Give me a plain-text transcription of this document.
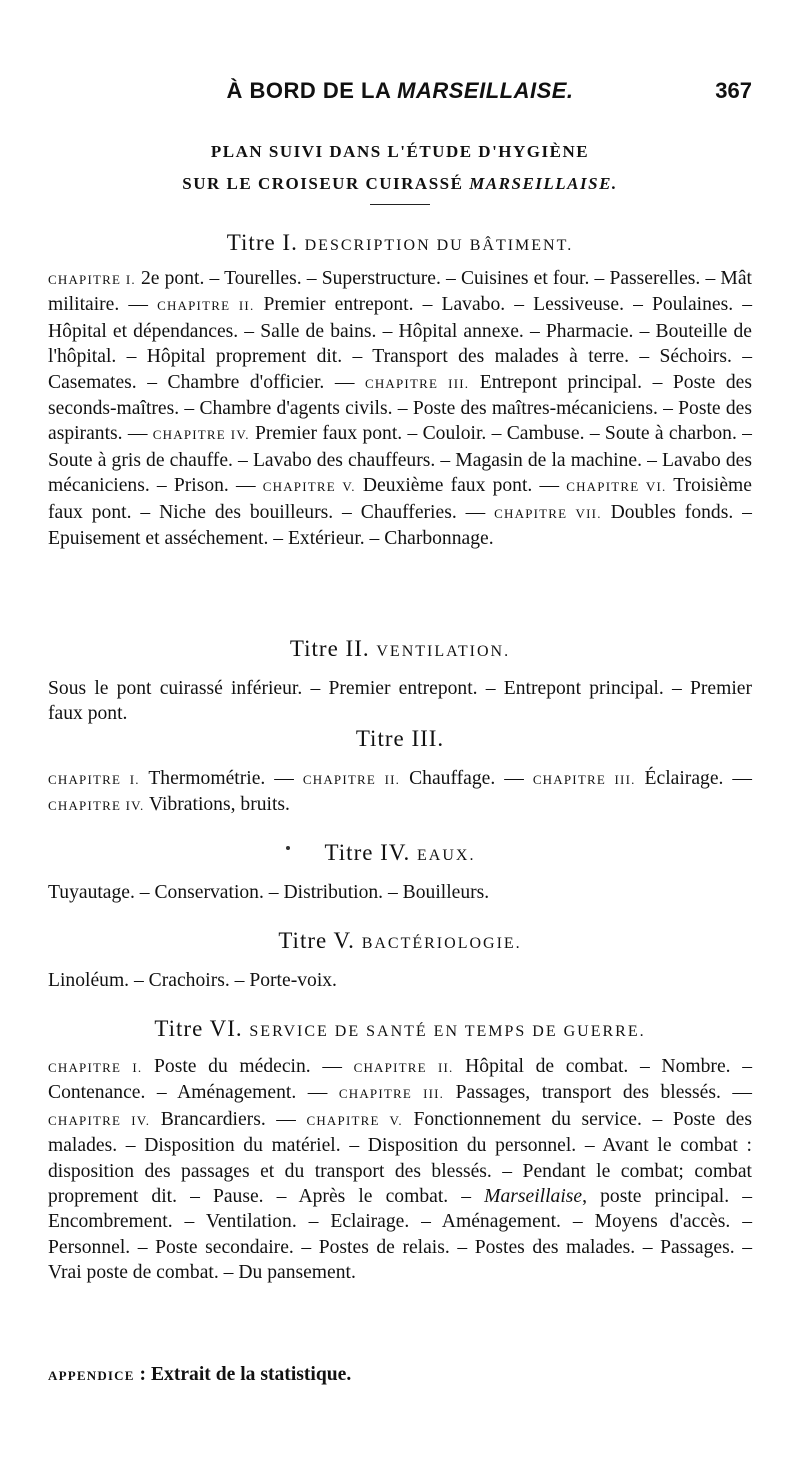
À BORD DE LA MARSEILLAISE.	367
PLAN SUIVI DANS L'ÉTUDE D'HYGIÈNE
SUR LE CROISEUR CUIRASSÉ MARSEILLAISE.
Titre I. DESCRIPTION DU BÂTIMENT.
CHAPITRE I. 2e pont. – Tourelles. – Superstructure. – Cuisines et four. – Passerelles. – Mât militaire. — CHAPITRE II. Premier entrepont. – Lavabo. – Lessiveuse. – Poulaines. – Hôpital et dépendances. – Salle de bains. – Hôpital annexe. – Pharmacie. – Bouteille de l'hôpital. – Hôpital proprement dit. – Transport des malades à terre. – Séchoirs. – Casemates. – Chambre d'officier. — CHAPITRE III. Entrepont principal. – Poste des seconds-maîtres. – Chambre d'agents civils. – Poste des maîtres-mécaniciens. – Poste des aspirants. — CHAPITRE IV. Premier faux pont. – Couloir. – Cambuse. – Soute à charbon. – Soute à gris de chauffe. – Lavabo des chauffeurs. – Magasin de la machine. – Lavabo des mécaniciens. – Prison. — CHAPITRE V. Deuxième faux pont. — CHAPITRE VI. Troisième faux pont. – Niche des bouilleurs. – Chaufferies. — CHAPITRE VII. Doubles fonds. – Epuisement et asséchement. – Extérieur. – Charbonnage.
Titre II. VENTILATION.
Sous le pont cuirassé inférieur. – Premier entrepont. – Entrepont principal. – Premier faux pont.
Titre III.
CHAPITRE I. Thermométrie. — CHAPITRE II. Chauffage. — CHAPITRE III. Éclairage. — CHAPITRE IV. Vibrations, bruits.
Titre IV. EAUX.
Tuyautage. – Conservation. – Distribution. – Bouilleurs.
Titre V. BACTÉRIOLOGIE.
Linoléum. – Crachoirs. – Porte-voix.
Titre VI. SERVICE DE SANTÉ EN TEMPS DE GUERRE.
CHAPITRE I. Poste du médecin. — CHAPITRE II. Hôpital de combat. – Nombre. – Contenance. – Aménagement. — CHAPITRE III. Passages, transport des blessés. — CHAPITRE IV. Brancardiers. — CHAPITRE V. Fonctionnement du service. – Poste des malades. – Disposition du matériel. – Disposition du personnel. – Avant le combat : disposition des passages et du transport des blessés. – Pendant le combat; combat proprement dit. – Pause. – Après le combat. – Marseillaise, poste principal. – Encombrement. – Ventilation. – Eclairage. – Aménagement. – Moyens d'accès. – Personnel. – Poste secondaire. – Postes de relais. – Postes des malades. – Passages. – Vrai poste de combat. – Du pansement.
APPENDICE : Extrait de la statistique.
